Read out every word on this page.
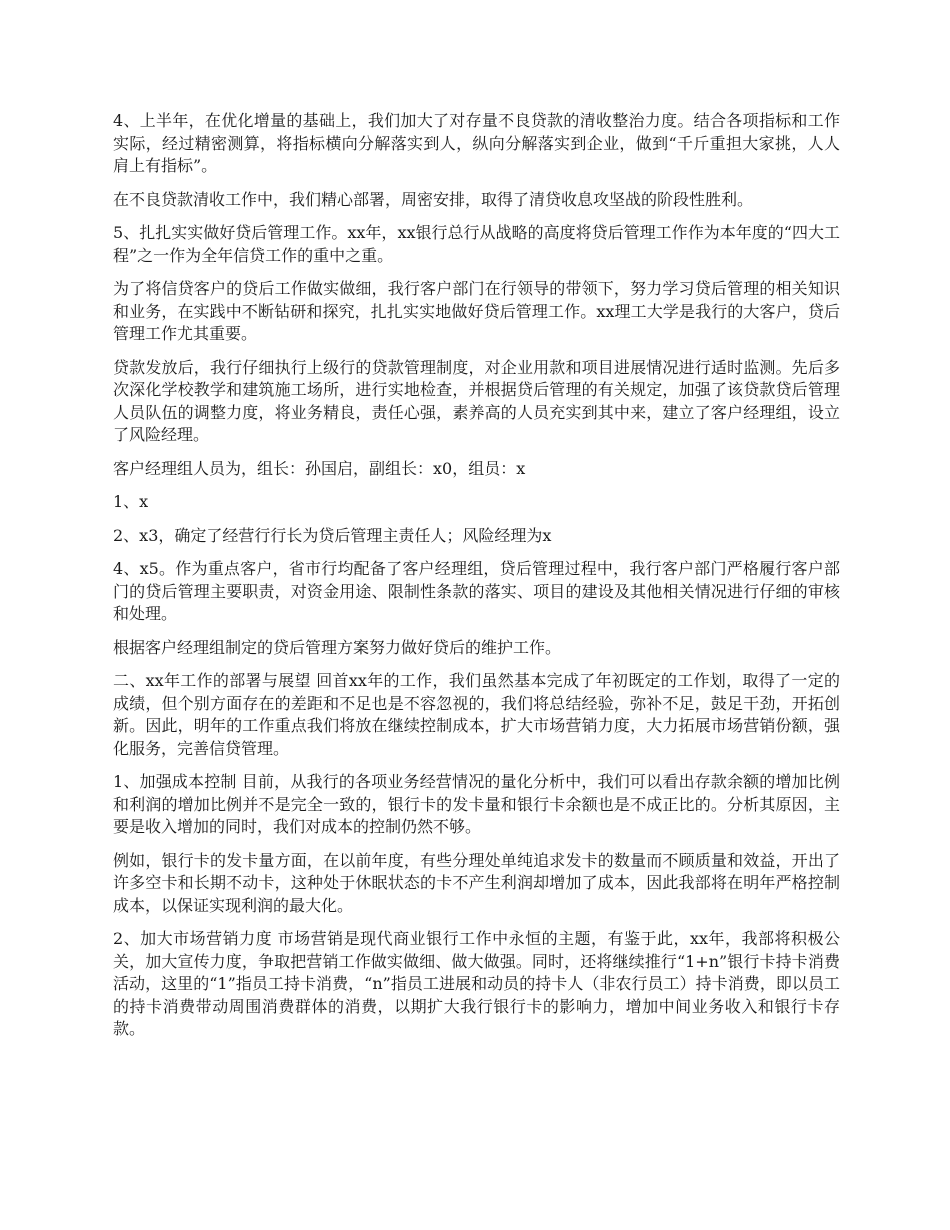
4、上半年，在优化增量的基础上，我们加大了对存量不良贷款的清收整治力度。结合各项指标和工作实际，经过精密测算，将指标横向分解落实到人，纵向分解落实到企业，做到“千斤重担大家挑，人人肩上有指标”。

在不良贷款清收工作中，我们精心部署，周密安排，取得了清贷收息攻坚战的阶段性胜利。

5、扎扎实实做好贷后管理工作。xx年，xx银行总行从战略的高度将贷后管理工作作为本年度的“四大工程”之一作为全年信贷工作的重中之重。

为了将信贷客户的贷后工作做实做细，我行客户部门在行领导的带领下，努力学习贷后管理的相关知识和业务，在实践中不断钻研和探究，扎扎实实地做好贷后管理工作。xx理工大学是我行的大客户，贷后管理工作尤其重要。

贷款发放后，我行仔细执行上级行的贷款管理制度，对企业用款和项目进展情况进行适时监测。先后多次深化学校教学和建筑施工场所，进行实地检查，并根据贷后管理的有关规定，加强了该贷款贷后管理人员队伍的调整力度，将业务精良，责任心强，素养高的人员充实到其中来，建立了客户经理组，设立了风险经理。

客户经理组人员为，组长：孙国启，副组长：x0，组员：x

1、x

2、x3，确定了经营行行长为贷后管理主责任人；风险经理为x

4、x5。作为重点客户，省市行均配备了客户经理组，贷后管理过程中，我行客户部门严格履行客户部门的贷后管理主要职责，对资金用途、限制性条款的落实、项目的建设及其他相关情况进行仔细的审核和处理。

根据客户经理组制定的贷后管理方案努力做好贷后的维护工作。

二、xx年工作的部署与展望 回首xx年的工作，我们虽然基本完成了年初既定的工作划，取得了一定的成绩，但个别方面存在的差距和不足也是不容忽视的，我们将总结经验，弥补不足，鼓足干劲，开拓创新。因此，明年的工作重点我们将放在继续控制成本，扩大市场营销力度，大力拓展市场营销份额，强化服务，完善信贷管理。

1、加强成本控制 目前，从我行的各项业务经营情况的量化分析中，我们可以看出存款余额的增加比例和利润的增加比例并不是完全一致的，银行卡的发卡量和银行卡余额也是不成正比的。分析其原因，主要是收入增加的同时，我们对成本的控制仍然不够。

例如，银行卡的发卡量方面，在以前年度，有些分理处单纯追求发卡的数量而不顾质量和效益，开出了许多空卡和长期不动卡，这种处于休眠状态的卡不产生利润却增加了成本，因此我部将在明年严格控制成本，以保证实现利润的最大化。

2、加大市场营销力度 市场营销是现代商业银行工作中永恒的主题，有鉴于此，xx年，我部将积极公关，加大宣传力度，争取把营销工作做实做细、做大做强。同时，还将继续推行“1+n”银行卡持卡消费活动，这里的“1”指员工持卡消费，“n”指员工进展和动员的持卡人（非农行员工）持卡消费，即以员工的持卡消费带动周围消费群体的消费，以期扩大我行银行卡的影响力，增加中间业务收入和银行卡存款。
